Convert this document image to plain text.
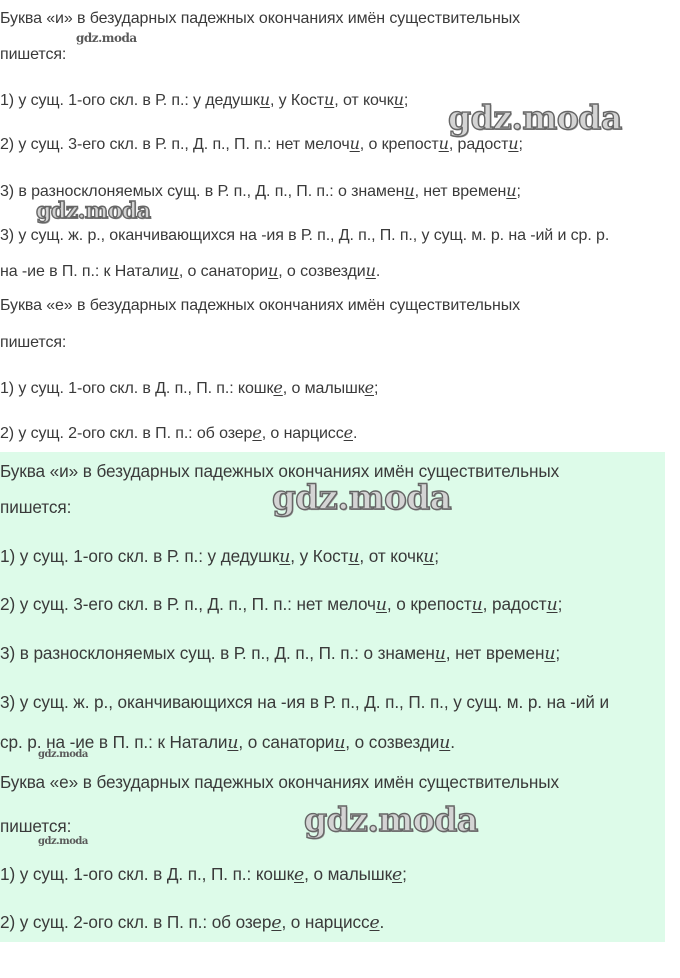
Буква «и» в безударных падежных окончаниях имён существительных

пишется:

1) у сущ. 1-ого скл. в Р. п.: у дедушки, у Кости, от кочки;

2) у сущ. 3-его скл. в Р. п., Д. п., П. п.: нет мелочи, о крепости, радости;

3) в разносклоняемых сущ. в Р. п., Д. п., П. п.: о знамени, нет времени;

3) у сущ. ж. р., оканчивающихся на -ия в Р. п., Д. п., П. п., у сущ. м. р. на -ий и ср. р.

на -ие в П. п.: к Наталии, о санатории, о созвездии.

Буква «е» в безударных падежных окончаниях имён существительных

пишется:

1) у сущ. 1-ого скл. в Д. п., П. п.: кошке, о малышке;

2) у сущ. 2-ого скл. в П. п.: об озере, о нарциссе.

Буква «и» в безударных падежных окончаниях имён существительных

пишется:

1) у сущ. 1-ого скл. в Р. п.: у дедушки, у Кости, от кочки;

2) у сущ. 3-его скл. в Р. п., Д. п., П. п.: нет мелочи, о крепости, радости;

3) в разносклоняемых сущ. в Р. п., Д. п., П. п.: о знамени, нет времени;

3) у сущ. ж. р., оканчивающихся на -ия в Р. п., Д. п., П. п., у сущ. м. р. на -ий и

ср. р. на -ие в П. п.: к Наталии, о санатории, о созвездии.

Буква «е» в безударных падежных окончаниях имён существительных

пишется:

1) у сущ. 1-ого скл. в Д. п., П. п.: кошке, о малышке;

2) у сущ. 2-ого скл. в П. п.: об озере, о нарциссе.

gdz.moda
gdz.moda
gdz.moda
gdz.moda
gdz.moda
gdz.moda
gdz.moda
